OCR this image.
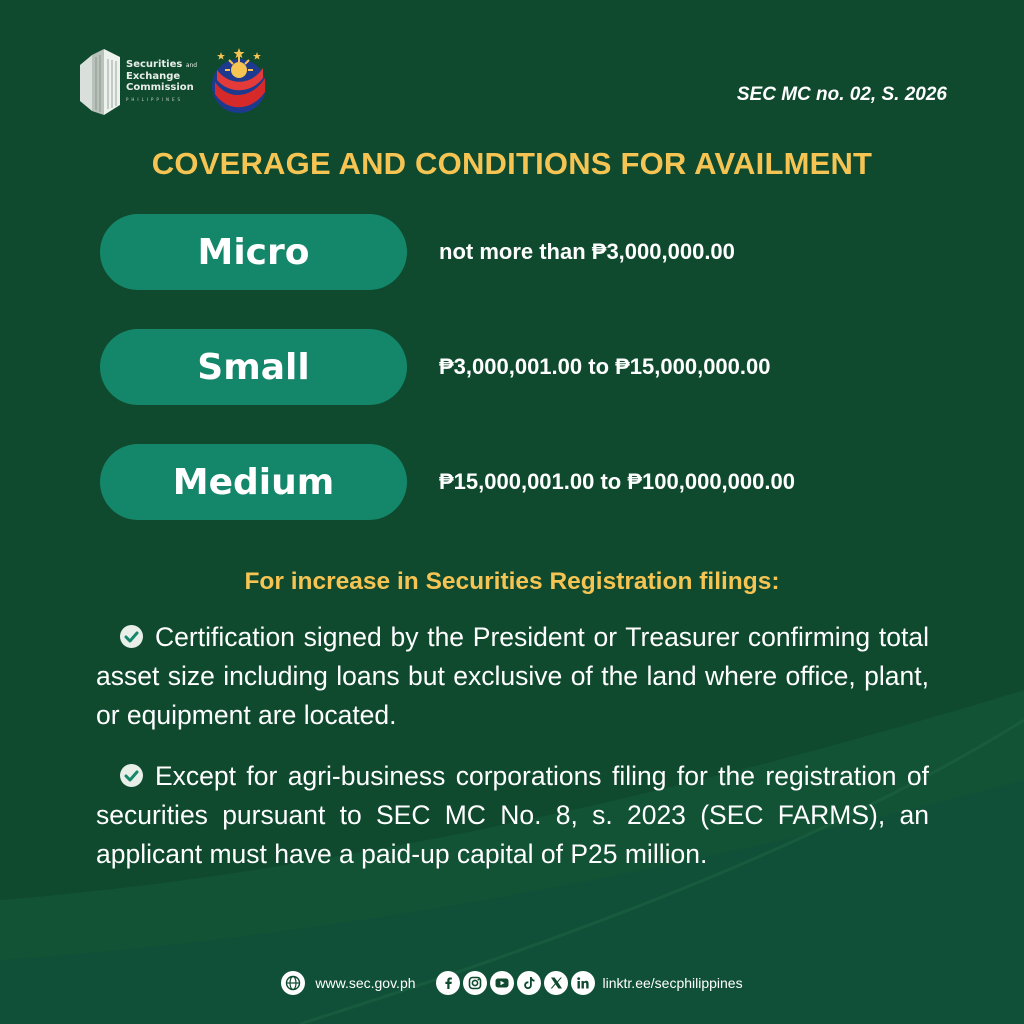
Securities and
Exchange
Commission
PHILIPPINES	SEC MC no. 02, S. 2026
COVERAGE AND CONDITIONS FOR AVAILMENT
Micro	not more than ₱3,000,000.00
Small	₱3,000,001.00 to ₱15,000,000.00
Medium	₱15,000,001.00 to ₱100,000,000.00
For increase in Securities Registration filings:
Certification signed by the President or Treasurer confirming total asset size including loans but exclusive of the land where office, plant, or equipment are located.
Except for agri-business corporations filing for the registration of securities pursuant to SEC MC No. 8, s. 2023 (SEC FARMS), an applicant must have a paid-up capital of P25 million.
www.sec.gov.ph	linktr.ee/secphilippines
